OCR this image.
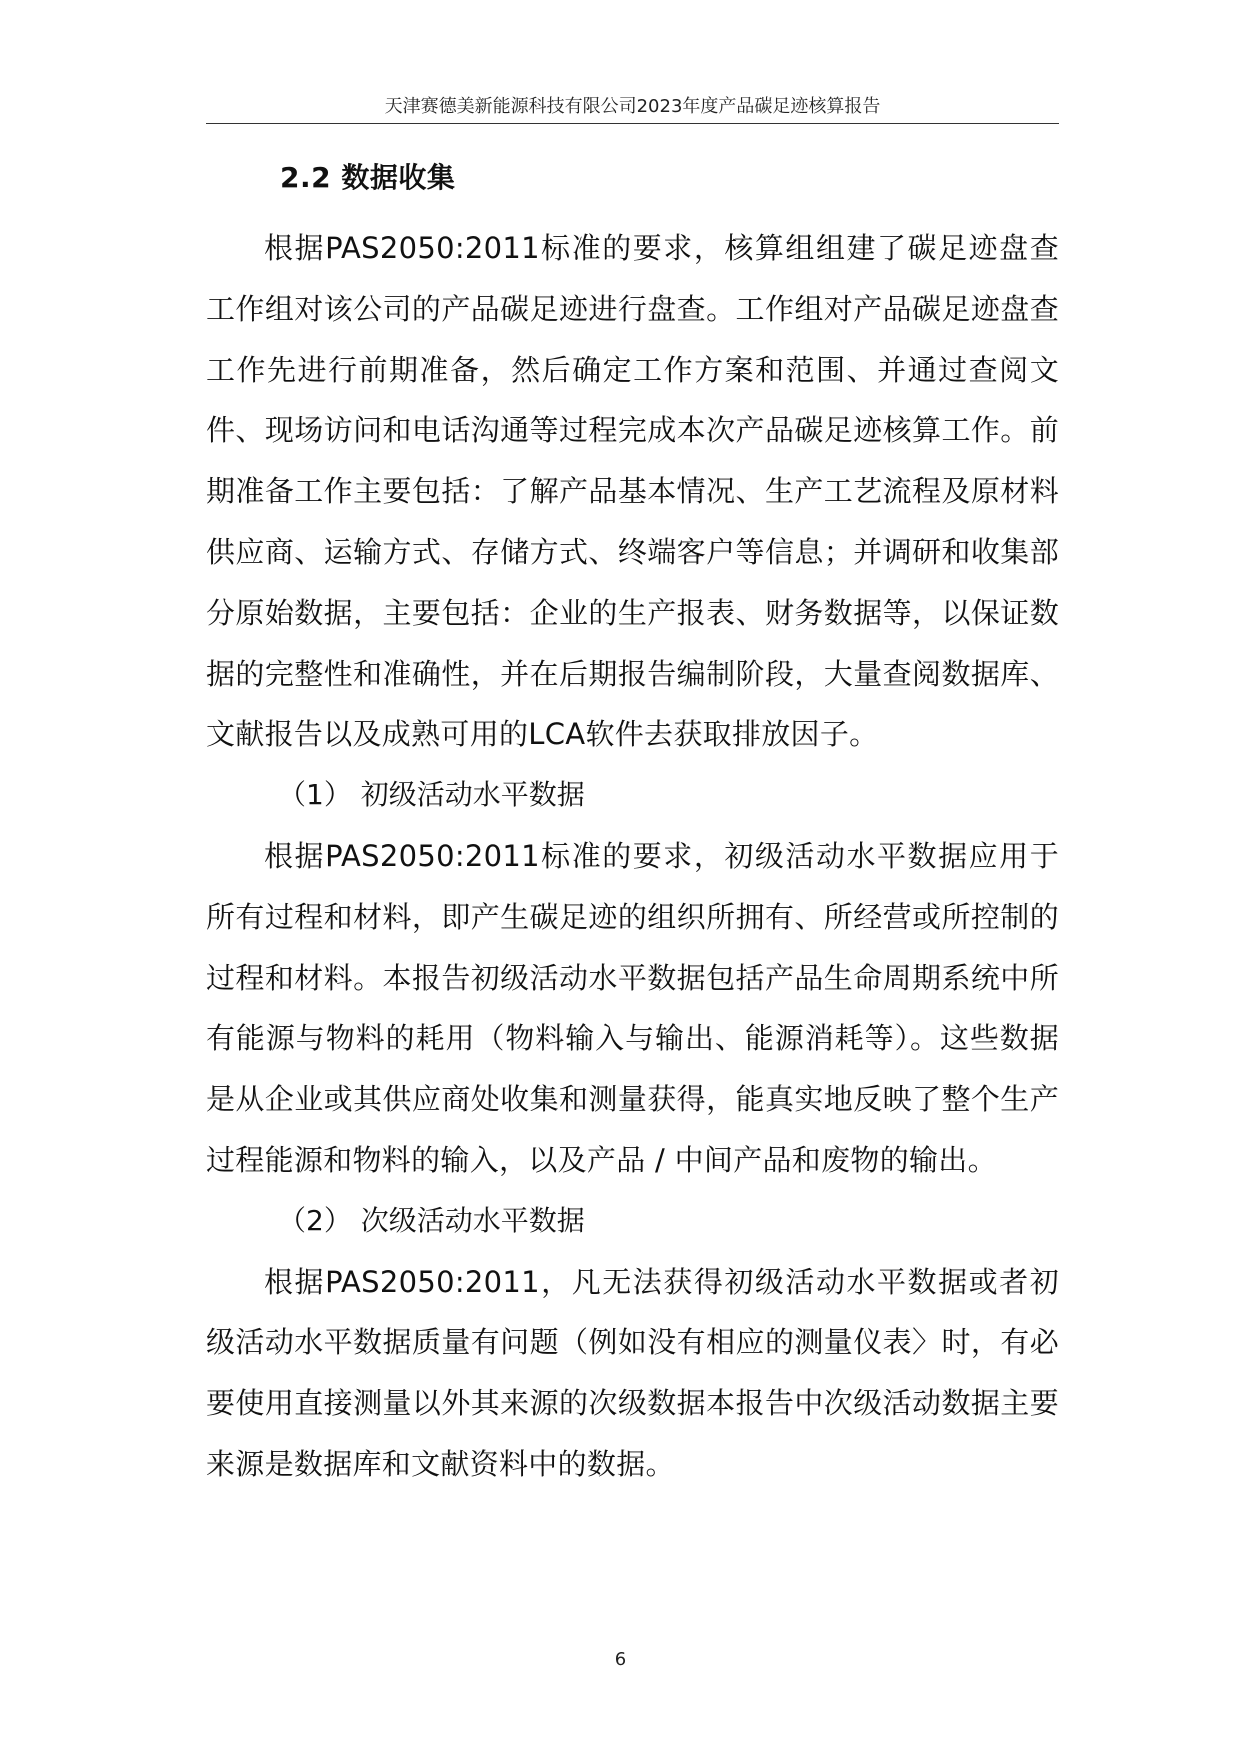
天津赛德美新能源科技有限公司2023年度产品碳足迹核算报告
2.2 数据收集

根据PAS2050:2011标准的要求，核算组组建了碳足迹盘查工作组对该公司的产品碳足迹进行盘查。工作组对产品碳足迹盘查工作先进行前期准备，然后确定工作方案和范围、并通过查阅文件、现场访问和电话沟通等过程完成本次产品碳足迹核算工作。前期准备工作主要包括：了解产品基本情况、生产工艺流程及原材料供应商、运输方式、存储方式、终端客户等信息；并调研和收集部分原始数据，主要包括：企业的生产报表、财务数据等，以保证数据的完整性和准确性，并在后期报告编制阶段，大量查阅数据库、文献报告以及成熟可用的LCA软件去获取排放因子。

（1） 初级活动水平数据

根据PAS2050:2011标准的要求，初级活动水平数据应用于所有过程和材料，即产生碳足迹的组织所拥有、所经营或所控制的过程和材料。本报告初级活动水平数据包括产品生命周期系统中所有能源与物料的耗用（物料输入与输出、能源消耗等）。这些数据是从企业或其供应商处收集和测量获得，能真实地反映了整个生产过程能源和物料的输入，以及产品 / 中间产品和废物的输出。

（2） 次级活动水平数据

根据PAS2050:2011，凡无法获得初级活动水平数据或者初级活动水平数据质量有问题（例如没有相应的测量仪表〉时，有必要使用直接测量以外其来源的次级数据本报告中次级活动数据主要来源是数据库和文献资料中的数据。

6
